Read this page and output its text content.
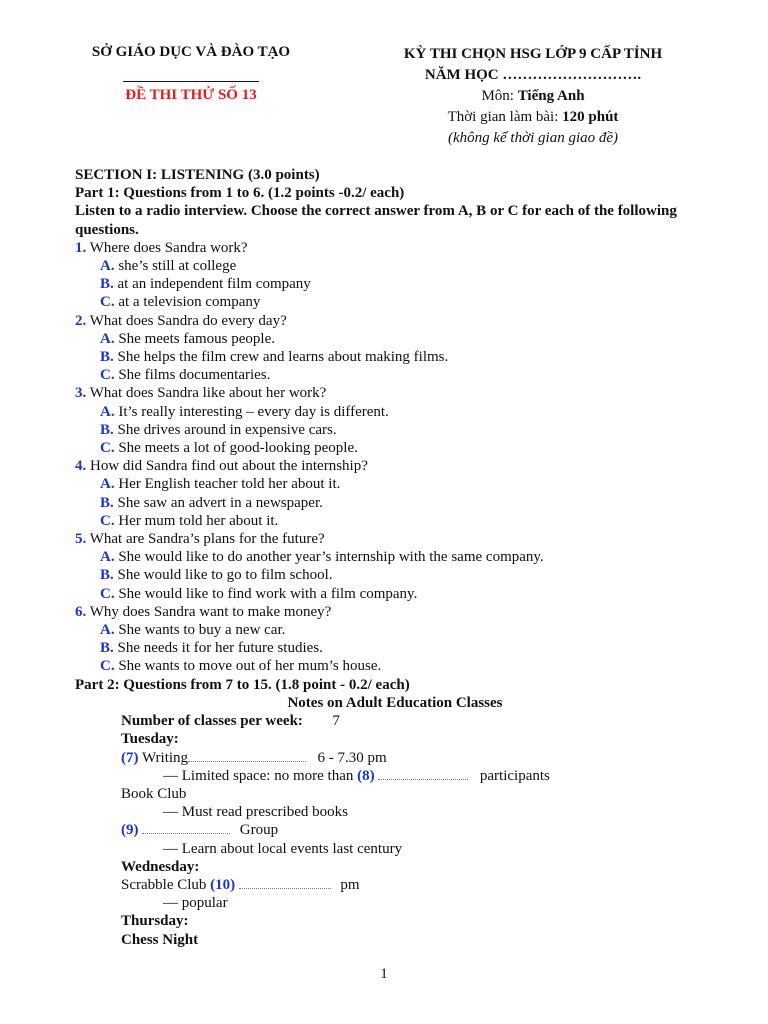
SỞ GIÁO DỤC VÀ ĐÀO TẠO
ĐỀ THI THỬ SỐ 13
KỲ THI CHỌN HSG LỚP 9 CẤP TỈNH
NĂM HỌC ……………………….
Môn: Tiếng Anh
Thời gian làm bài: 120 phút
(không kể thời gian giao đề)
SECTION I: LISTENING (3.0 points)
Part 1: Questions from 1 to 6. (1.2 points -0.2/ each)
Listen to a radio interview. Choose the correct answer from A, B or C for each of the following questions.
1. Where does Sandra work?
A. she’s still at college
B. at an independent film company
C. at a television company
2. What does Sandra do every day?
A. She meets famous people.
B. She helps the film crew and learns about making films.
C. She films documentaries.
3. What does Sandra like about her work?
A. It’s really interesting – every day is different.
B. She drives around in expensive cars.
C. She meets a lot of good-looking people.
4. How did Sandra find out about the internship?
A. Her English teacher told her about it.
B. She saw an advert in a newspaper.
C. Her mum told her about it.
5. What are Sandra’s plans for the future?
A. She would like to do another year’s internship with the same company.
B. She would like to go to film school.
C. She would like to find work with a film company.
6. Why does Sandra want to make money?
A. She wants to buy a new car.
B. She needs it for her future studies.
C. She wants to move out of her mum’s house.
Part 2: Questions from 7 to 15. (1.8 point - 0.2/ each)
Notes on Adult Education Classes
Number of classes per week: 7
Tuesday:
(7) Writing	6 - 7.30 pm
— Limited space: no more than (8)	participants
Book Club
— Must read prescribed books
(9)	Group
— Learn about local events last century
Wednesday:
Scrabble Club (10)	pm
— popular
Thursday:
Chess Night
1
